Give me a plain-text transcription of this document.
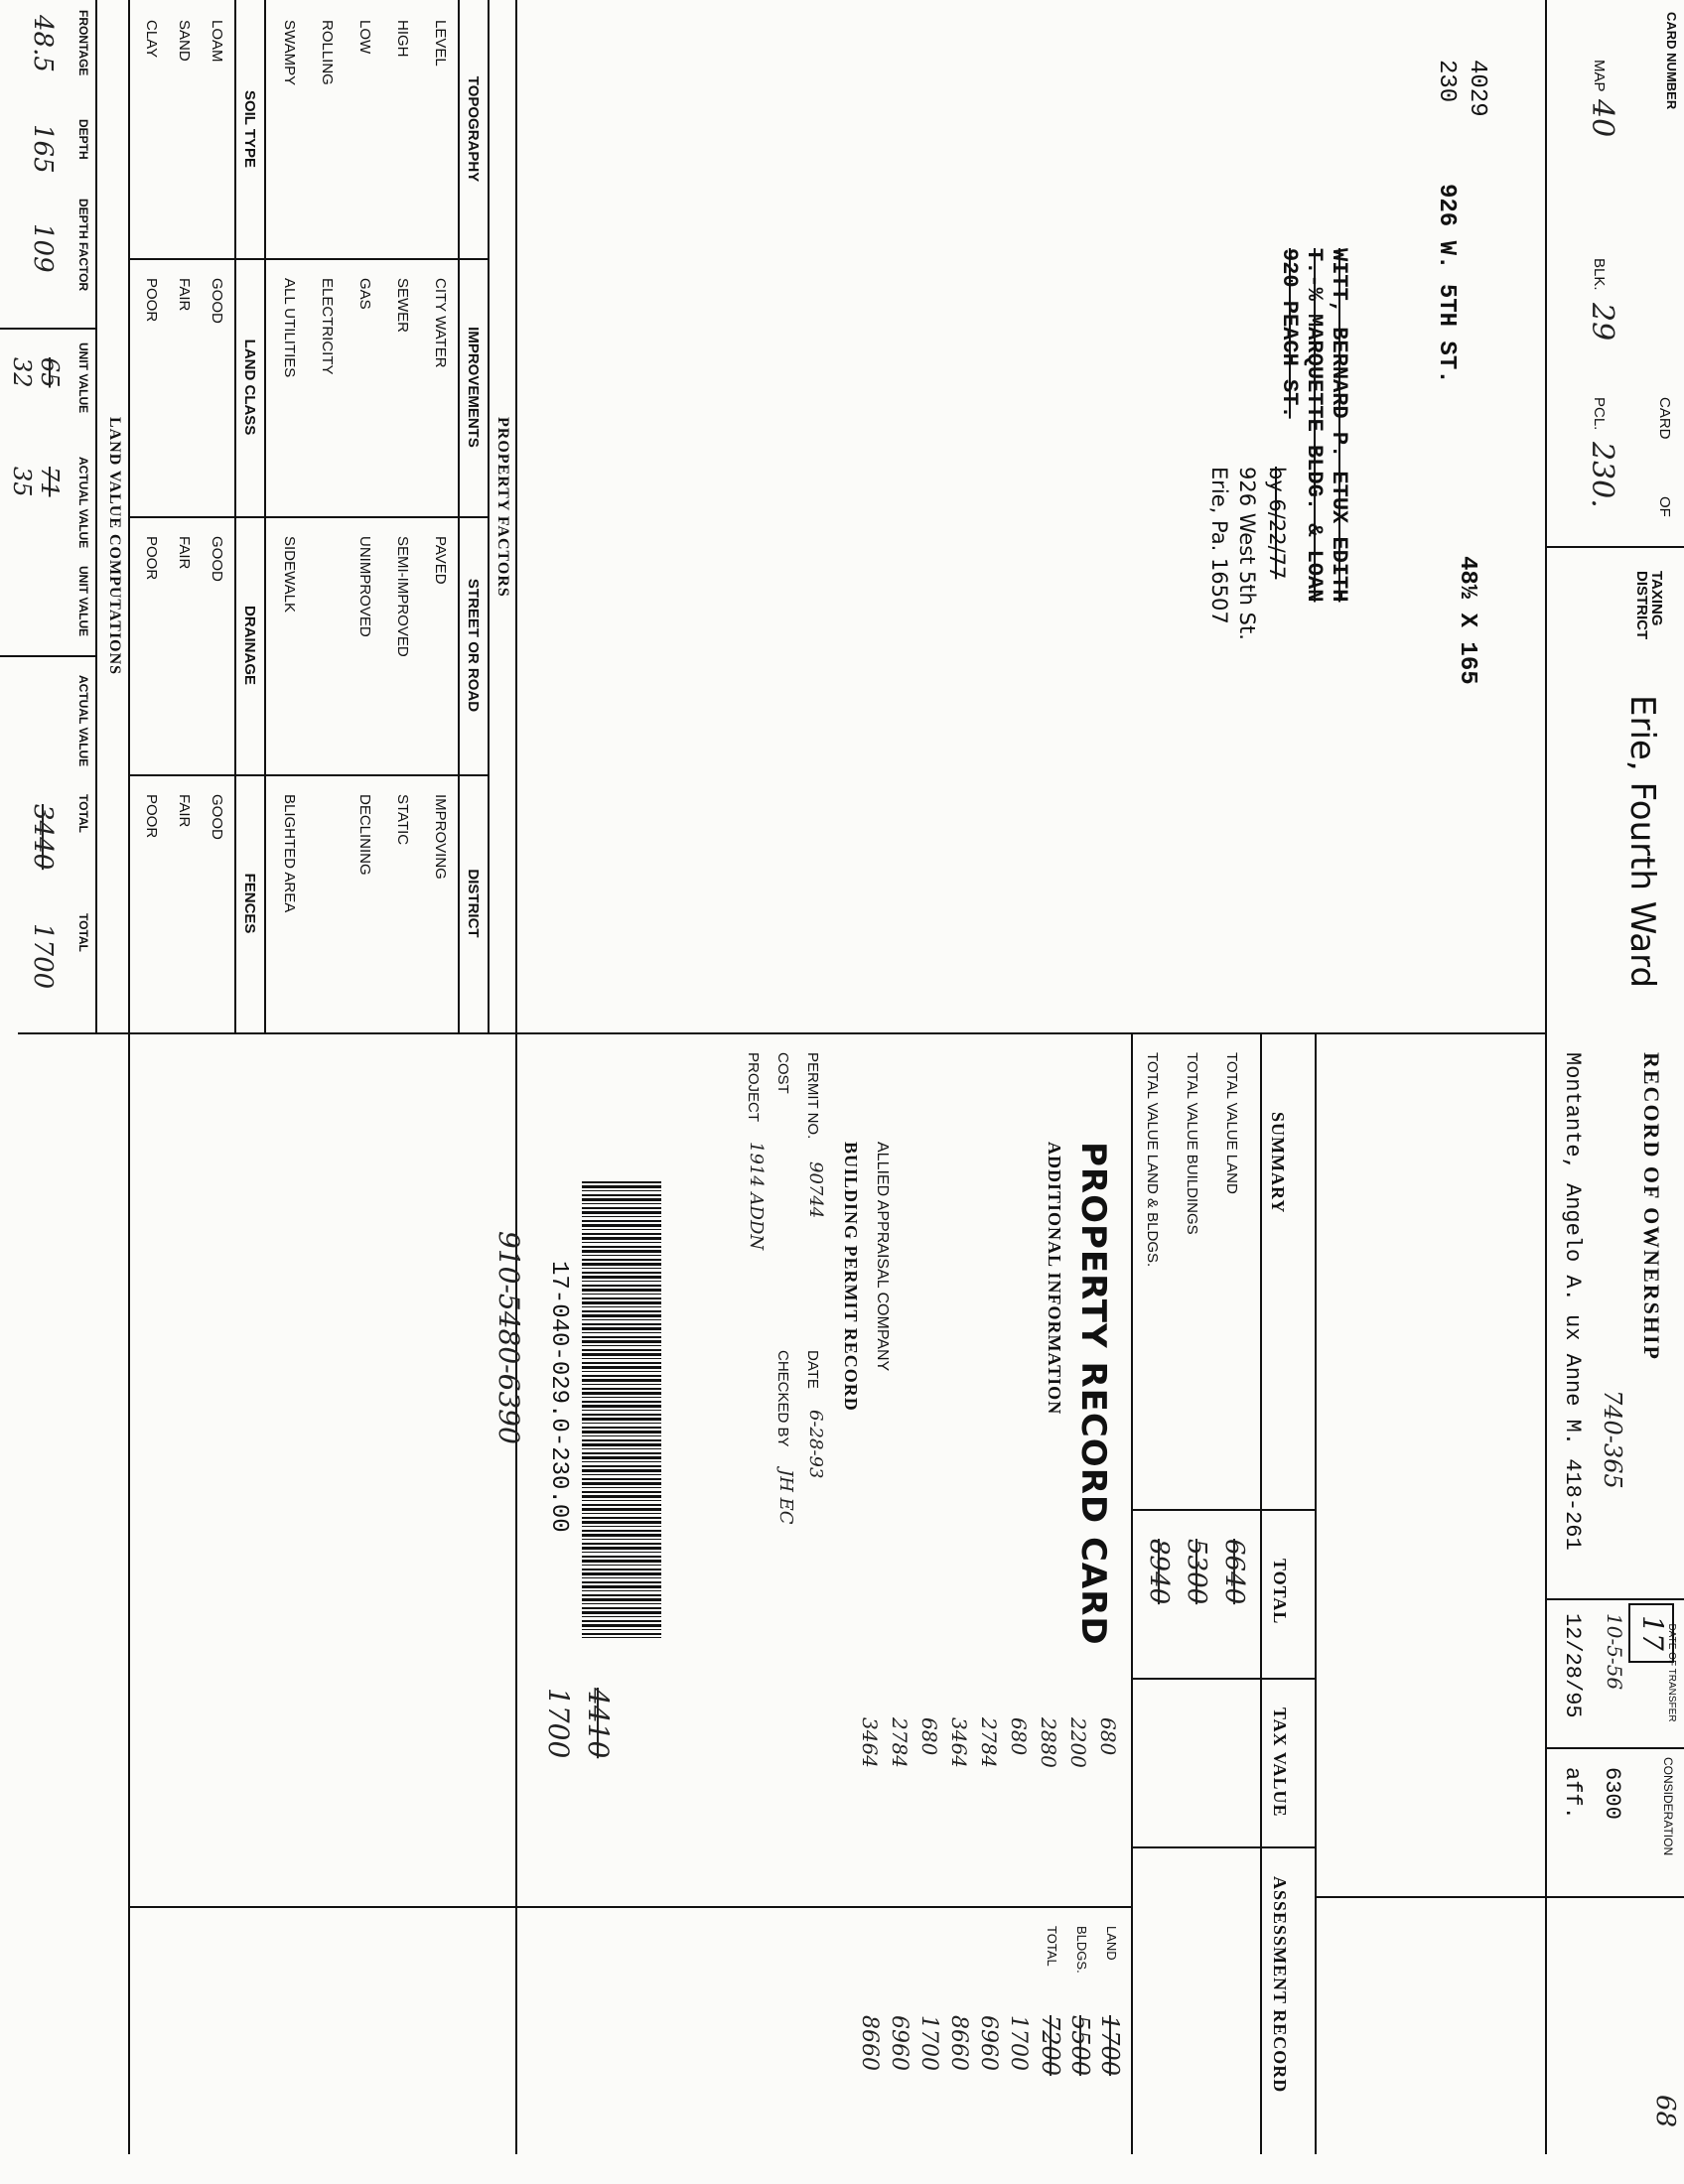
CARD NUMBER
MAP
40
BLK.
29
CARD
OF
PCL.
230.
TAXING DISTRICT
Erie, Fourth Ward
17
68
4029
230
926 W. 5TH ST.
48½ X 165
WITT, BERNARD P. ETUX EDITH
T.-% MARQUETTE BLDG. & LOAN
920 PEACH ST.
by 6/22/77
926 West 5th St.
Erie, Pa. 16507
RECORD OF OWNERSHIP
740-365
Montante, Angelo A. ux Anne M. 418-261
DATE OF TRANSFER
CONSIDERATION
10-5-56
12/28/95
6300
aff.
SUMMARY
TOTAL VALUE LAND
TOTAL VALUE BUILDINGS
TOTAL VALUE LAND & BLDGS.
TOTAL
6640
5300
8940
TAX VALUE
680
2200
2880
680
2784
3464
680
2784
3464
ASSESSMENT RECORD
LAND
BLDGS.
TOTAL
1700
5500
7200
1700
6960
8660
1700
6960
8660
PROPERTY RECORD CARD
ADDITIONAL INFORMATION
ALLIED APPRAISAL COMPANY
BUILDING PERMIT RECORD
PERMIT NO.
90744
COST
PROJECT
1914 ADDN
DATE
6-28-93
CHECKED BY
JH EC
PROPERTY FACTORS
TOPOGRAPHY
IMPROVEMENTS
STREET OR ROAD
DISTRICT
LEVEL
HIGH
LOW
ROLLING
SWAMPY
CITY WATER
SEWER
GAS
ELECTRICITY
ALL UTILITIES
PAVED
SEMI-IMPROVED
UNIMPROVED
SIDEWALK
IMPROVING
STATIC
DECLINING
BLIGHTED AREA
SOIL TYPE
LAND CLASS
DRAINAGE
FENCES
LOAM
SAND
CLAY
GOOD
FAIR
POOR
GOOD
FAIR
POOR
GOOD
FAIR
POOR
LAND VALUE COMPUTATIONS
FRONTAGE
DEPTH
DEPTH FACTOR
UNIT VALUE
ACTUAL VALUE
UNIT VALUE
ACTUAL VALUE
TOTAL
TOTAL
48.5
165
109
65
32
71
35
3440
1700
17-040-029.0-230.00
910-5480-6390
4410
1700
